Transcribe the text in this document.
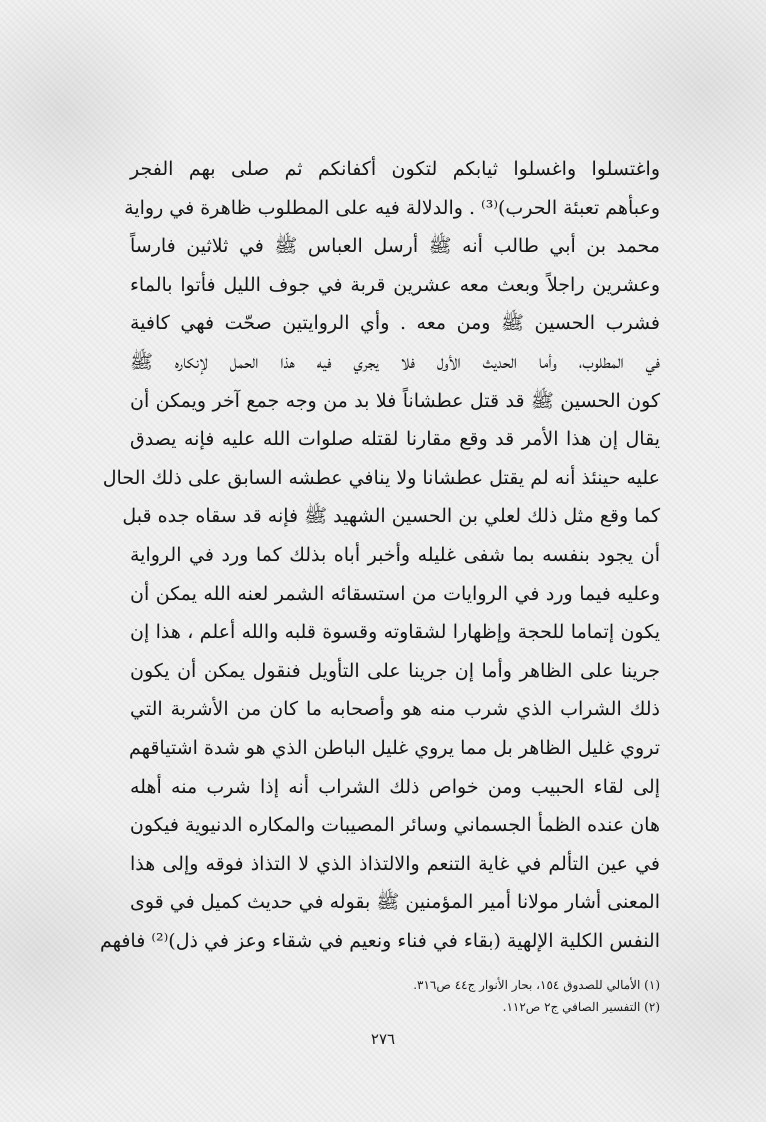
واغتسلوا واغسلوا ثيابكم لتكون أكفانكم ثم صلى بهم الفجر
وعبأهم تعبئة الحرب)⁽³⁾ . والدلالة فيه على المطلوب ظاهرة في رواية
محمد بن أبي طالب أنه ﷺ أرسل العباس ﷺ في ثلاثين فارساً
وعشرين راجلاً وبعث معه عشرين قربة في جوف الليل فأتوا بالماء
فشرب الحسين ﷺ ومن معه . وأي الروايتين صحّت فهي كافية
في المطلوب، وأما الحديث الأول فلا يجري فيه هذا الحمل لإنكاره ﷺ
كون الحسين ﷺ قد قتل عطشاناً فلا بد من وجه جمع آخر ويمكن أن
يقال إن هذا الأمر قد وقع مقارنا لقتله صلوات الله عليه فإنه يصدق
عليه حينئذ أنه لم يقتل عطشانا ولا ينافي عطشه السابق على ذلك الحال
كما وقع مثل ذلك لعلي بن الحسين الشهيد ﷺ فإنه قد سقاه جده قبل
أن يجود بنفسه بما شفى غليله وأخبر أباه بذلك كما ورد في الرواية
وعليه فيما ورد في الروايات من استسقائه الشمر لعنه الله يمكن أن
يكون إتماما للحجة وإظهارا لشقاوته وقسوة قلبه والله أعلم ، هذا إن
جرينا على الظاهر وأما إن جرينا على التأويل فنقول يمكن أن يكون
ذلك الشراب الذي شرب منه هو وأصحابه ما كان من الأشربة التي
تروي غليل الظاهر بل مما يروي غليل الباطن الذي هو شدة اشتياقهم
إلى لقاء الحبيب ومن خواص ذلك الشراب أنه إذا شرب منه أهله
هان عنده الظمأ الجسماني وسائر المصيبات والمكاره الدنيوية فيكون
في عين التألم في غاية التنعم والالتذاذ الذي لا التذاذ فوقه وإلى هذا
المعنى أشار مولانا أمير المؤمنين ﷺ بقوله في حديث كميل في قوى
النفس الكلية الإلهية (بقاء في فناء ونعيم في شقاء وعز في ذل)⁽²⁾ فافهم
(١) الأمالي للصدوق ١٥٤، بحار الأنوار ج٤٤ ص٣١٦.
(٢) التفسير الصافي ج٢ ص١١٢.
٢٧٦
